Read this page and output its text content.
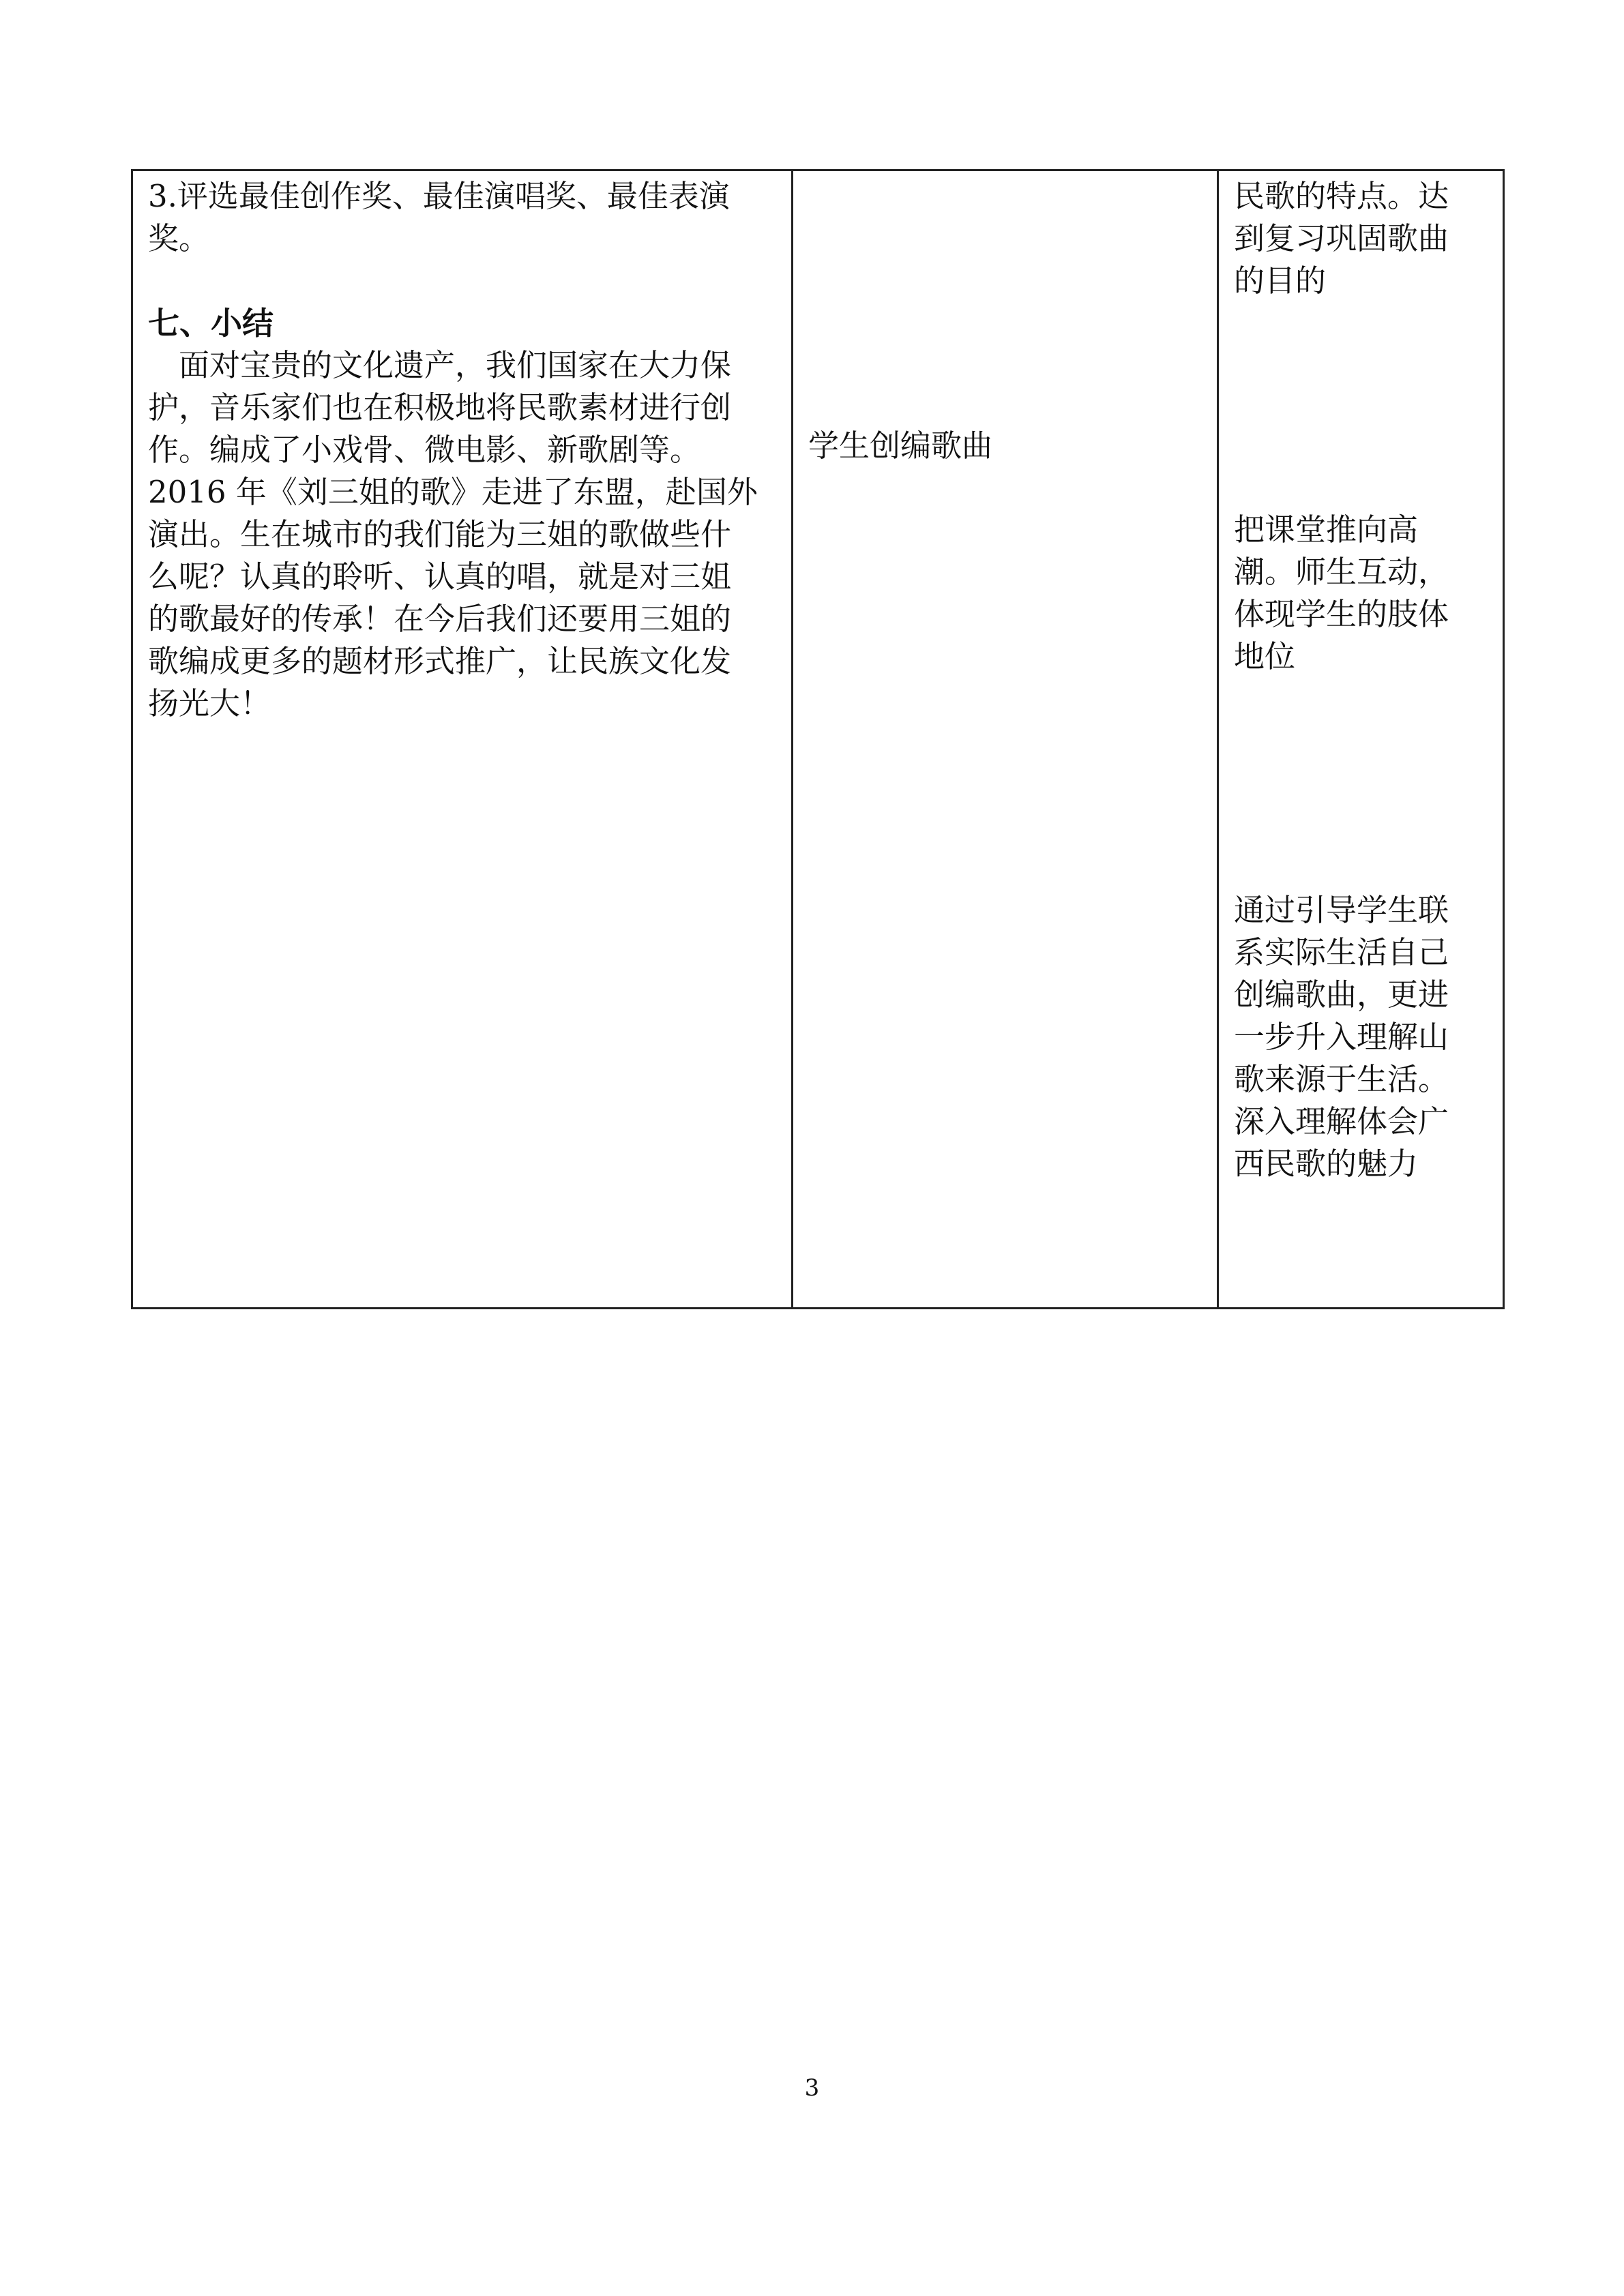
3.评选最佳创作奖、最佳演唱奖、最佳表演

奖。

七、小结

　面对宝贵的文化遗产，我们国家在大力保

护，音乐家们也在积极地将民歌素材进行创

作。编成了小戏骨、微电影、新歌剧等。

2016 年《刘三姐的歌》走进了东盟，赴国外

演出。生在城市的我们能为三姐的歌做些什

么呢？认真的聆听、认真的唱，就是对三姐

的歌最好的传承！在今后我们还要用三姐的

歌编成更多的题材形式推广，让民族文化发

扬光大！

学生创编歌曲

民歌的特点。达

到复习巩固歌曲

的目的

把课堂推向高

潮。师生互动，

体现学生的肢体

地位

通过引导学生联

系实际生活自己

创编歌曲，更进

一步升入理解山

歌来源于生活。

深入理解体会广

西民歌的魅力

3
